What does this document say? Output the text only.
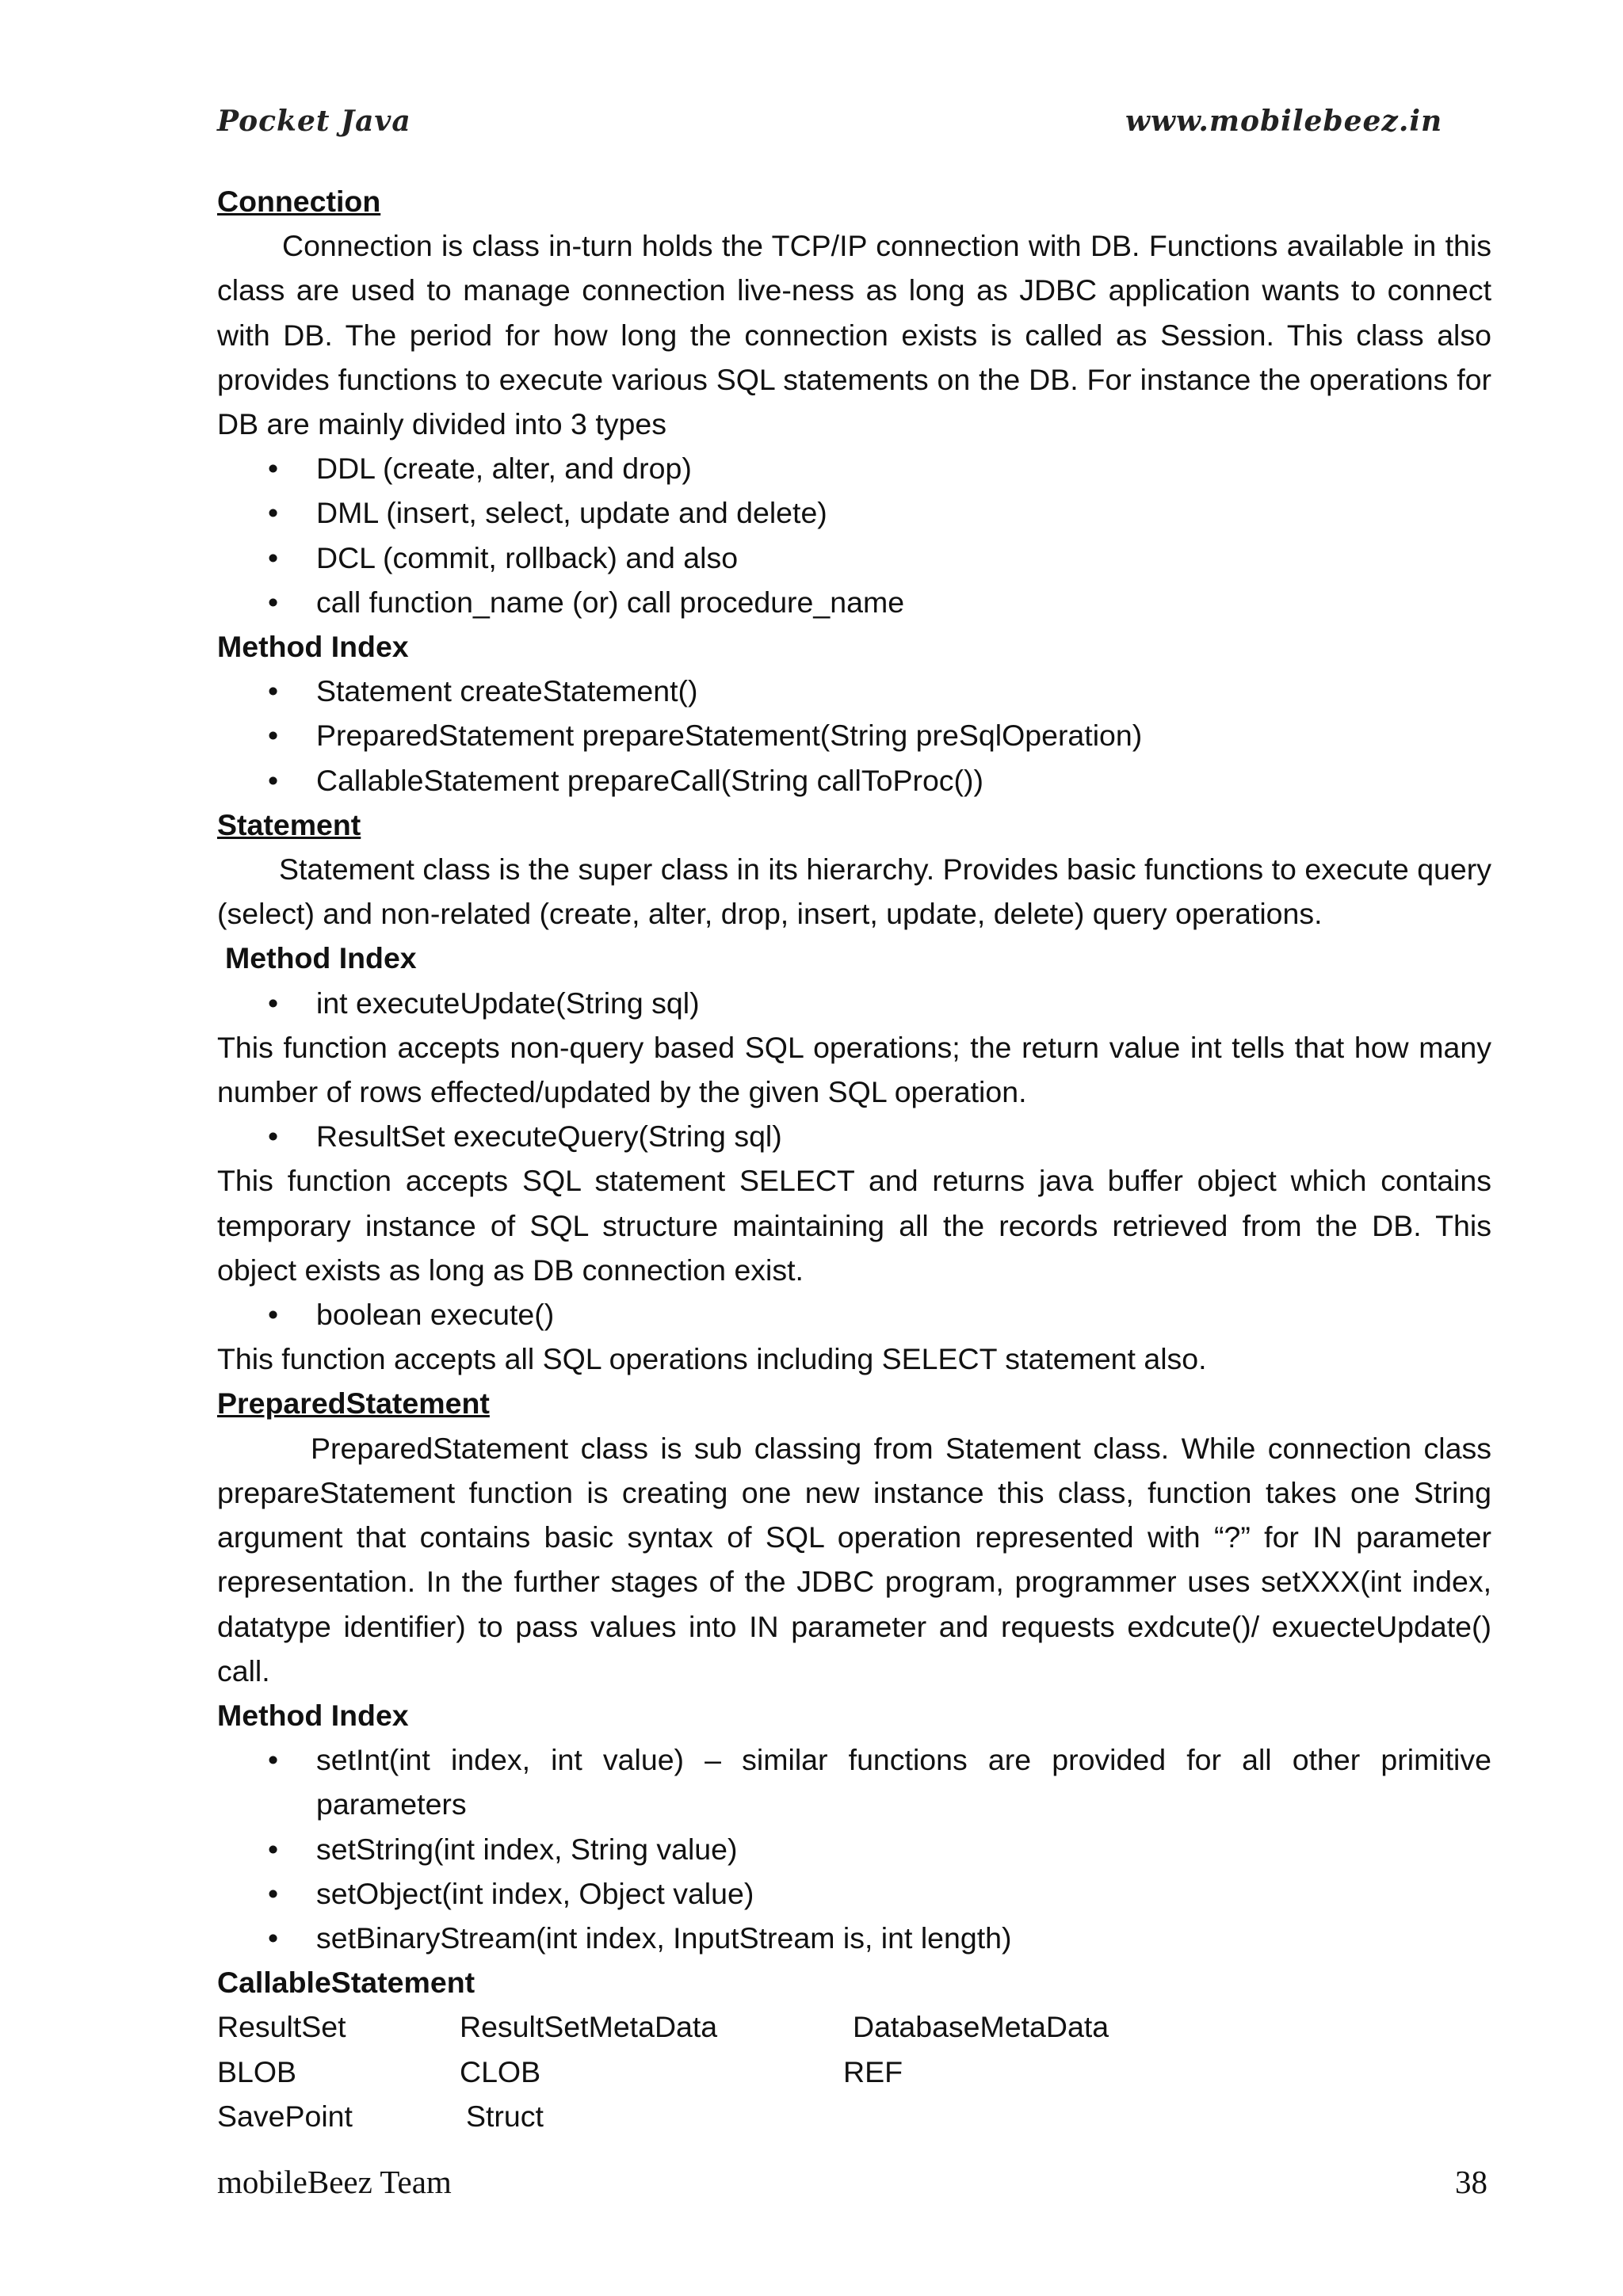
Pocket Java	www.mobilebeez.in

Connection

Connection is class in-turn holds the TCP/IP connection with DB. Functions available in this class are used to manage connection live-ness as long as JDBC application wants to connect with DB. The period for how long the connection exists is called as Session. This class also provides functions to execute various SQL statements on the DB. For instance the operations for DB are mainly divided into 3 types

• DDL (create, alter, and drop)
• DML (insert, select, update and delete)
• DCL (commit, rollback) and also
• call function_name (or) call procedure_name

Method Index

• Statement createStatement()
• PreparedStatement prepareStatement(String preSqlOperation)
• CallableStatement prepareCall(String callToProc())

Statement

Statement class is the super class in its hierarchy. Provides basic functions to execute query (select) and non-related (create, alter, drop, insert, update, delete) query operations.

Method Index

• int executeUpdate(String sql)

This function accepts non-query based SQL operations; the return value int tells that how many number of rows effected/updated by the given SQL operation.

• ResultSet executeQuery(String sql)

This function accepts SQL statement SELECT and returns java buffer object which contains temporary instance of SQL structure maintaining all the records retrieved from the DB. This object exists as long as DB connection exist.

• boolean execute()

This function accepts all SQL operations including SELECT statement also.

PreparedStatement

PreparedStatement class is sub classing from Statement class. While connection class prepareStatement function is creating one new instance this class, function takes one String argument that contains basic syntax of SQL operation represented with “?” for IN parameter representation. In the further stages of the JDBC program, programmer uses setXXX(int index, datatype identifier) to pass values into IN parameter and requests exdcute()/ exuecteUpdate() call.

Method Index

• setInt(int index, int value) – similar functions are provided for all other primitive parameters
• setString(int index, String value)
• setObject(int index, Object value)
• setBinaryStream(int index, InputStream is, int length)

CallableStatement

ResultSet	ResultSetMetaData	DatabaseMetaData
BLOB	CLOB	REF
SavePoint	Struct
mobileBeez Team	38
